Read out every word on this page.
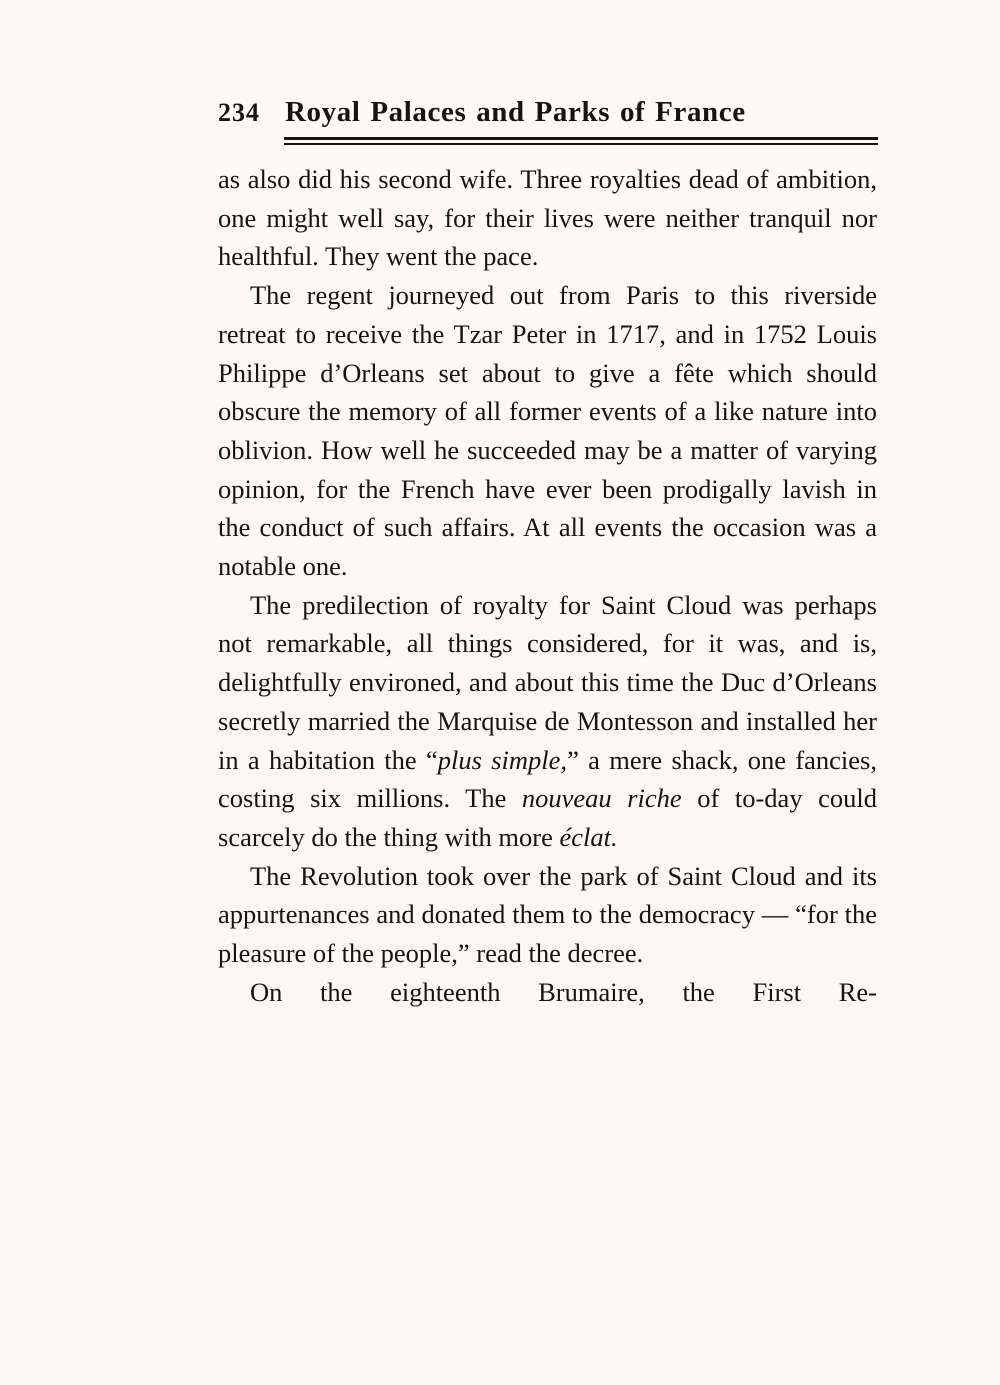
234 Royal Palaces and Parks of France

as also did his second wife. Three royalties dead of ambition, one might well say, for their lives were neither tranquil nor healthful. They went the pace.

The regent journeyed out from Paris to this riverside retreat to receive the Tzar Peter in 1717, and in 1752 Louis Philippe d’Orleans set about to give a fête which should obscure the memory of all former events of a like nature into oblivion. How well he succeeded may be a matter of varying opinion, for the French have ever been prodigally lavish in the conduct of such affairs. At all events the occasion was a notable one.

The predilection of royalty for Saint Cloud was perhaps not remarkable, all things considered, for it was, and is, delightfully environed, and about this time the Duc d’Orleans secretly married the Marquise de Montesson and installed her in a habitation the “plus simple,” a mere shack, one fancies, costing six millions. The nouveau riche of to-day could scarcely do the thing with more éclat.

The Revolution took over the park of Saint Cloud and its appurtenances and donated them to the democracy — “for the pleasure of the people,” read the decree.

On the eighteenth Brumaire, the First Re-
